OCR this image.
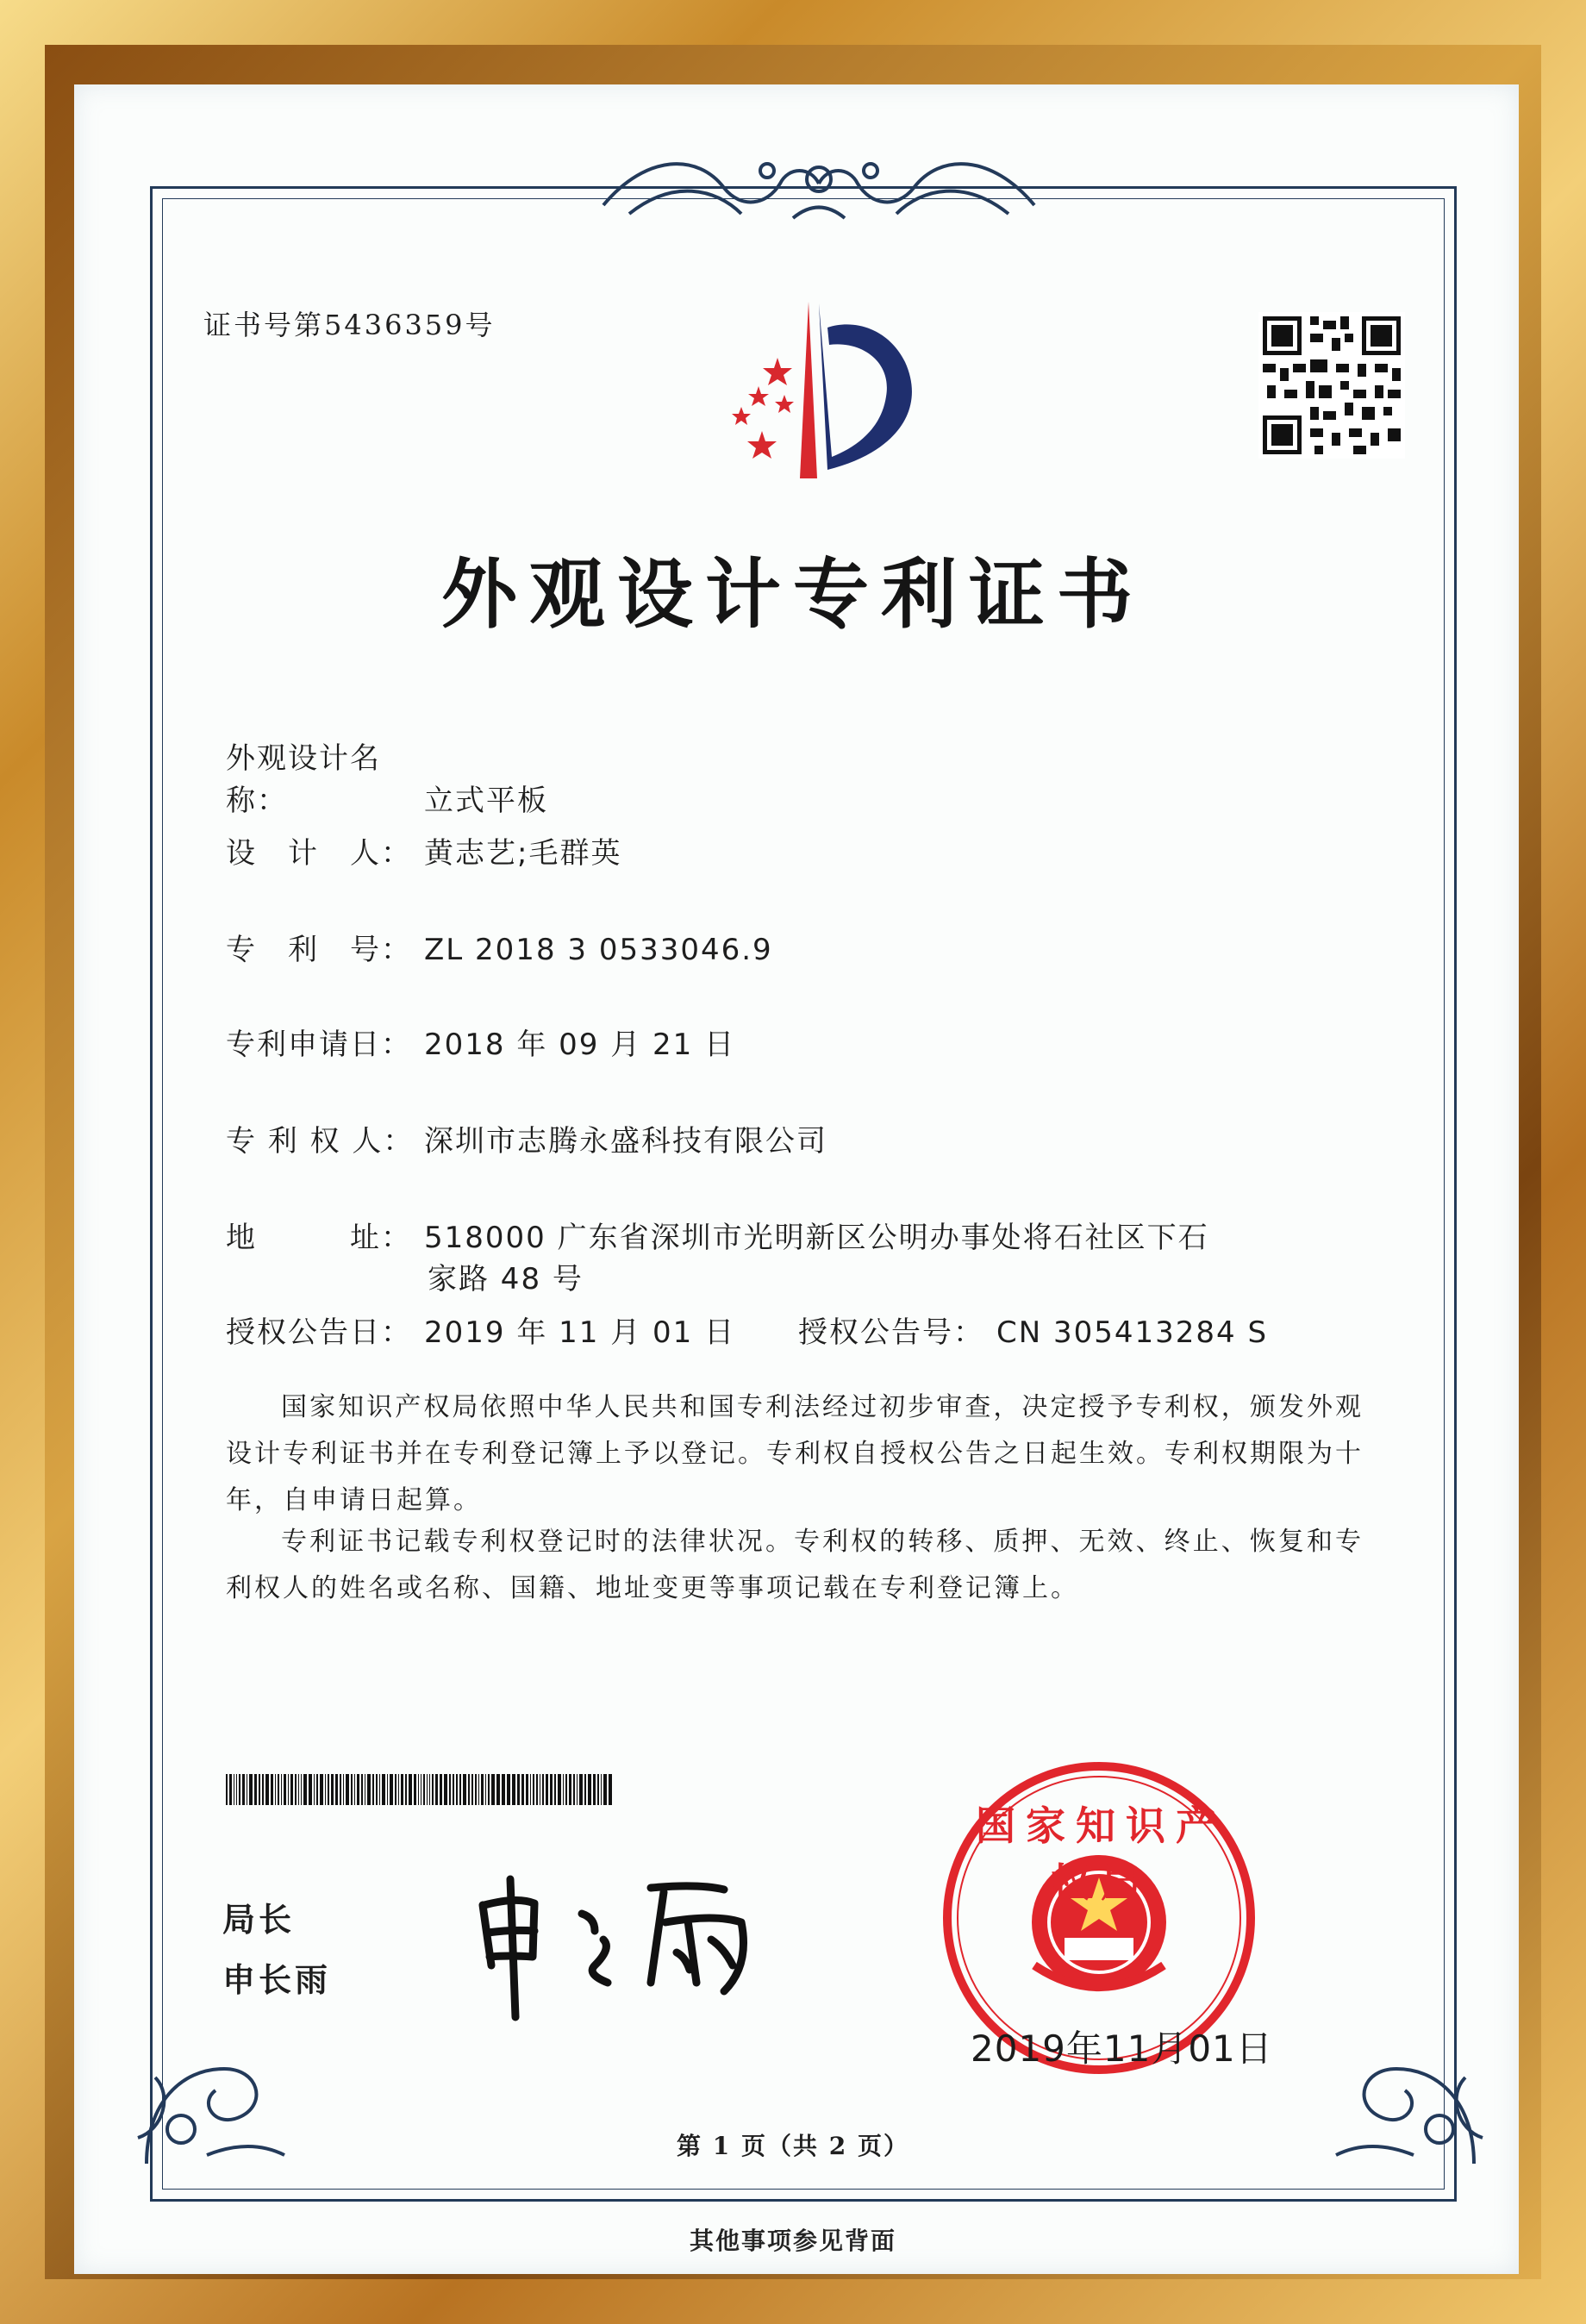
证书号第5436359号
外观设计专利证书
外观设计名称：	立式平板
设　计　人： 黄志艺;毛群英
专　利　号： ZL 2018 3 0533046.9
专利申请日： 2018 年 09 月 21 日
专 利 权 人： 深圳市志腾永盛科技有限公司
地　　　址： 518000 广东省深圳市光明新区公明办事处将石社区下石
家路 48 号
授权公告日： 2019 年 11 月 01 日 授权公告号： CN 305413284 S
国家知识产权局依照中华人民共和国专利法经过初步审查，决定授予专利权，颁发外观设计专利证书并在专利登记簿上予以登记。专利权自授权公告之日起生效。专利权期限为十年，自申请日起算。
专利证书记载专利权登记时的法律状况。专利权的转移、质押、无效、终止、恢复和专利权人的姓名或名称、国籍、地址变更等事项记载在专利登记簿上。
局长
申长雨
国家知识产权局
2019年11月01日
第 1 页（共 2 页）
其他事项参见背面
